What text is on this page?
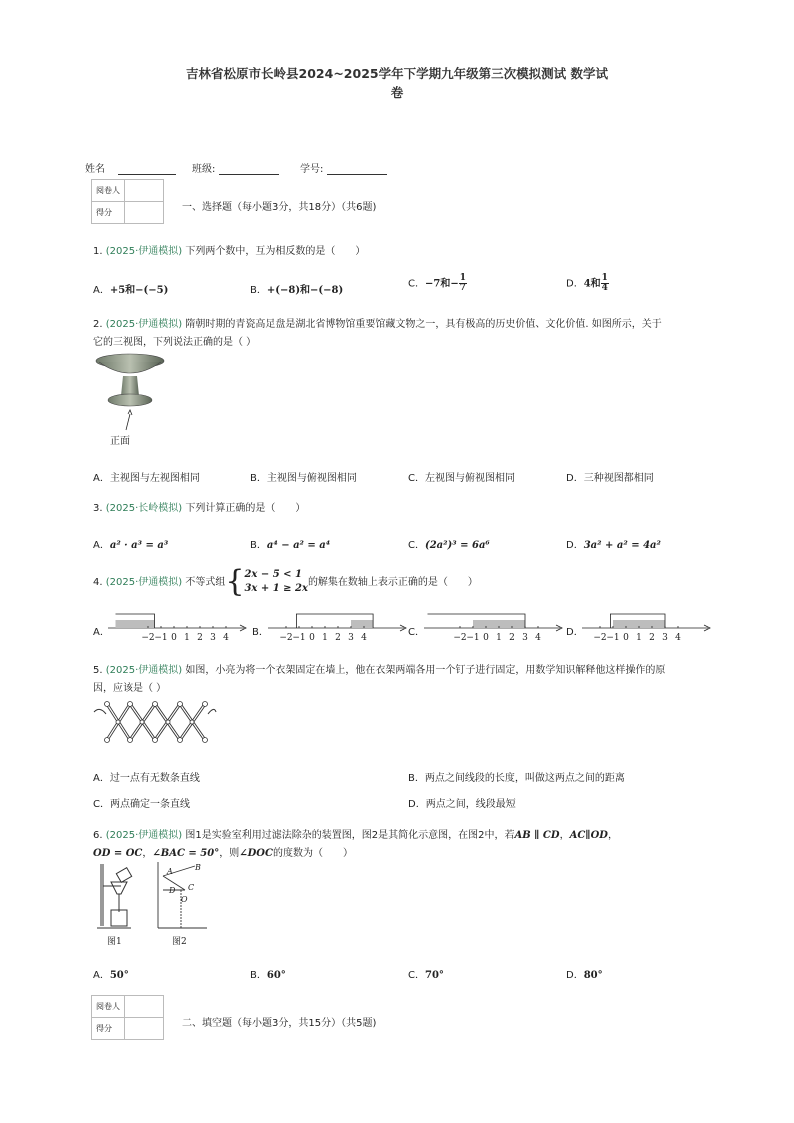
吉林省松原市长岭县2024~2025学年下学期九年级第三次模拟测试 数学试
卷
姓名	班级:	学号:
阅卷人	
得分		一、选择题（每小题3分，共18分）（共6题)
1. (2025·伊通模拟) 下列两个数中，互为相反数的是（　　）
A．+5和−(−5)	B．+(−8)和−(−8)
C．−7和− $\frac{1}{7}$	D．4和 $\frac{1}{4}$
2. (2025·伊通模拟) 隋朝时期的青瓷高足盘是湖北省博物馆重要馆藏文物之一，具有极高的历史价值、文化价值. 如图所示，关于
它的三视图，下列说法正确的是（ ）
正面
A．主视图与左视图相同	B．主视图与俯视图相同	C．左视图与俯视图相同	D．三种视图都相同
3. (2025·长岭模拟) 下列计算正确的是（　　）
A．a² · a³ = a³	B．a⁴ − a² = a⁴	C．(2a²)³ = 6a⁶	D．3a² + a² = 4a²
4. (2025·伊通模拟) 不等式组{ 2x − 5 < 1
3x + 1 ≥ 2x
的解集在数轴上表示正确的是（　　）
A．	B．	C．	D．
−2 −1 0 1 2 3 4	−2 −1 0 1 2 3 4	−2 −1 0 1 2 3 4	−2 −1 0 1 2 3 4
5. (2025·伊通模拟) 如图，小亮为将一个衣架固定在墙上，他在衣架两端各用一个钉子进行固定，用数学知识解释他这样操作的原
因，应该是（ ）
A．过一点有无数条直线	B．两点之间线段的长度，叫做这两点之间的距离
C．两点确定一条直线	D．两点之间，线段最短
6. (2025·伊通模拟) 图1是实验室利用过滤法除杂的装置图，图2是其简化示意图，在图2中，若AB ∥ CD，AC∥OD，
OD = OC，∠BAC = 50°，则∠DOC的度数为（　　）
A	B
D C
O
图1	图2
A．50°	B．60°	C．70°	D．80°
阅卷人	
得分		二、填空题（每小题3分，共15分）（共5题)
